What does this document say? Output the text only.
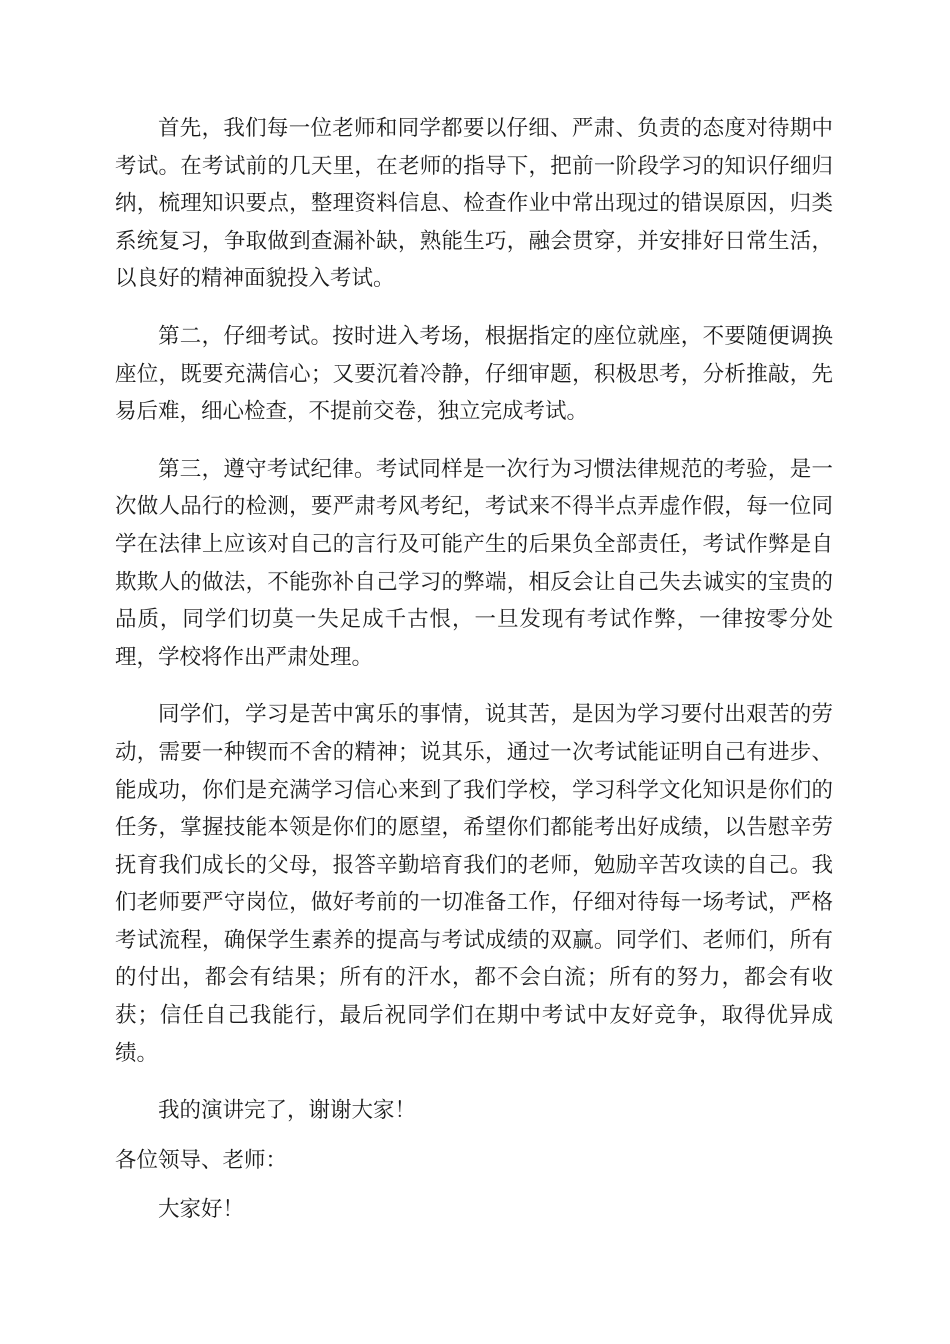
首先，我们每一位老师和同学都要以仔细、严肃、负责的态度对待期中考试。在考试前的几天里，在老师的指导下，把前一阶段学习的知识仔细归纳，梳理知识要点，整理资料信息、检查作业中常出现过的错误原因，归类系统复习，争取做到查漏补缺，熟能生巧，融会贯穿，并安排好日常生活，以良好的精神面貌投入考试。

第二，仔细考试。按时进入考场，根据指定的座位就座，不要随便调换座位，既要充满信心；又要沉着冷静，仔细审题，积极思考，分析推敲，先易后难，细心检查，不提前交卷，独立完成考试。

第三，遵守考试纪律。考试同样是一次行为习惯法律规范的考验，是一次做人品行的检测，要严肃考风考纪，考试来不得半点弄虚作假，每一位同学在法律上应该对自己的言行及可能产生的后果负全部责任，考试作弊是自欺欺人的做法，不能弥补自己学习的弊端，相反会让自己失去诚实的宝贵的品质，同学们切莫一失足成千古恨，一旦发现有考试作弊，一律按零分处理，学校将作出严肃处理。

同学们，学习是苦中寓乐的事情，说其苦，是因为学习要付出艰苦的劳动，需要一种锲而不舍的精神；说其乐，通过一次考试能证明自己有进步、能成功，你们是充满学习信心来到了我们学校，学习科学文化知识是你们的任务，掌握技能本领是你们的愿望，希望你们都能考出好成绩，以告慰辛劳抚育我们成长的父母，报答辛勤培育我们的老师，勉励辛苦攻读的自己。我们老师要严守岗位，做好考前的一切准备工作，仔细对待每一场考试，严格考试流程，确保学生素养的提高与考试成绩的双赢。同学们、老师们，所有的付出，都会有结果；所有的汗水，都不会白流；所有的努力，都会有收获；信任自己我能行，最后祝同学们在期中考试中友好竞争，取得优异成绩。

我的演讲完了，谢谢大家！

各位领导、老师：

大家好！
